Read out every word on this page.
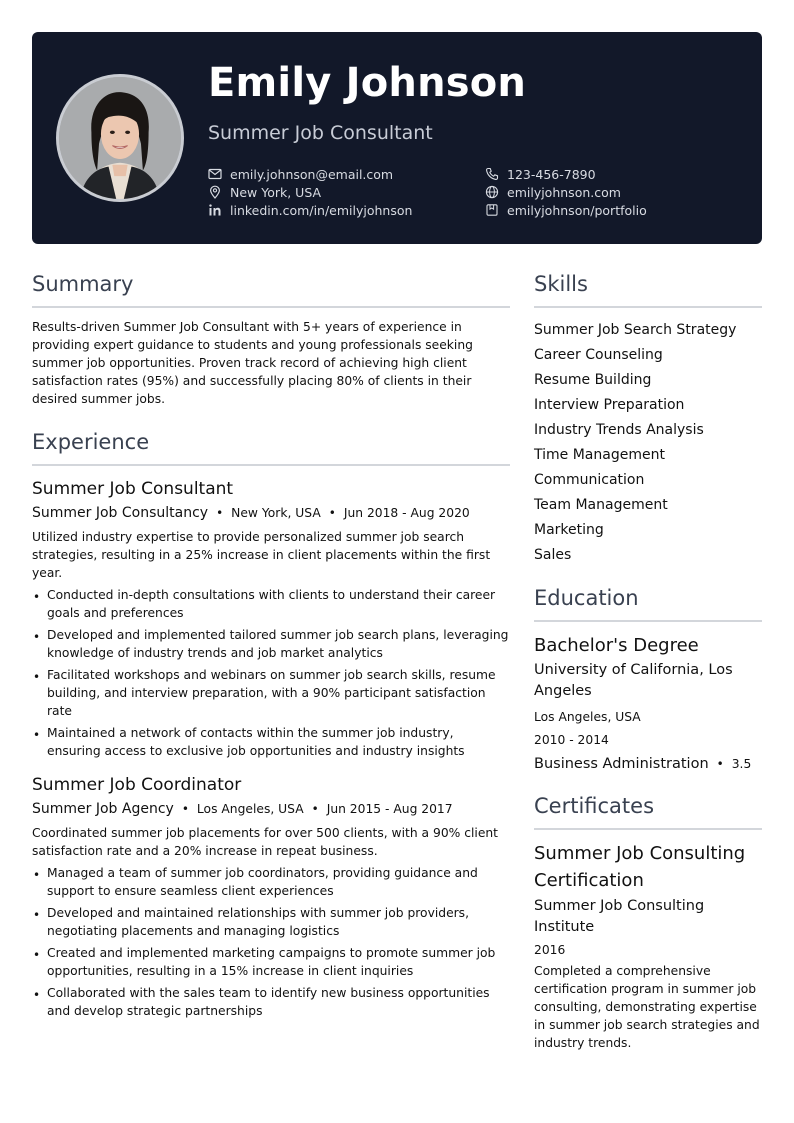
Emily Johnson
Summer Job Consultant
emily.johnson@email.com	123-456-7890
New York, USA	emilyjohnson.com
linkedin.com/in/emilyjohnson	emilyjohnson/portfolio
Summary
Results-driven Summer Job Consultant with 5+ years of experience in providing expert guidance to students and young professionals seeking summer job opportunities. Proven track record of achieving high client satisfaction rates (95%) and successfully placing 80% of clients in their desired summer jobs.
Experience
Summer Job Consultant
Summer Job Consultancy • New York, USA • Jun 2018 - Aug 2020
Utilized industry expertise to provide personalized summer job search strategies, resulting in a 25% increase in client placements within the first year.
• Conducted in-depth consultations with clients to understand their career goals and preferences
• Developed and implemented tailored summer job search plans, leveraging knowledge of industry trends and job market analytics
• Facilitated workshops and webinars on summer job search skills, resume building, and interview preparation, with a 90% participant satisfaction rate
• Maintained a network of contacts within the summer job industry, ensuring access to exclusive job opportunities and industry insights
Summer Job Coordinator
Summer Job Agency • Los Angeles, USA • Jun 2015 - Aug 2017
Coordinated summer job placements for over 500 clients, with a 90% client satisfaction rate and a 20% increase in repeat business.
• Managed a team of summer job coordinators, providing guidance and support to ensure seamless client experiences
• Developed and maintained relationships with summer job providers, negotiating placements and managing logistics
• Created and implemented marketing campaigns to promote summer job opportunities, resulting in a 15% increase in client inquiries
• Collaborated with the sales team to identify new business opportunities and develop strategic partnerships
Skills
Summer Job Search Strategy
Career Counseling
Resume Building
Interview Preparation
Industry Trends Analysis
Time Management
Communication
Team Management
Marketing
Sales
Education
Bachelor's Degree
University of California, Los Angeles
Los Angeles, USA
2010 - 2014
Business Administration • 3.5
Certificates
Summer Job Consulting Certification
Summer Job Consulting Institute
2016
Completed a comprehensive certification program in summer job consulting, demonstrating expertise in summer job search strategies and industry trends.
